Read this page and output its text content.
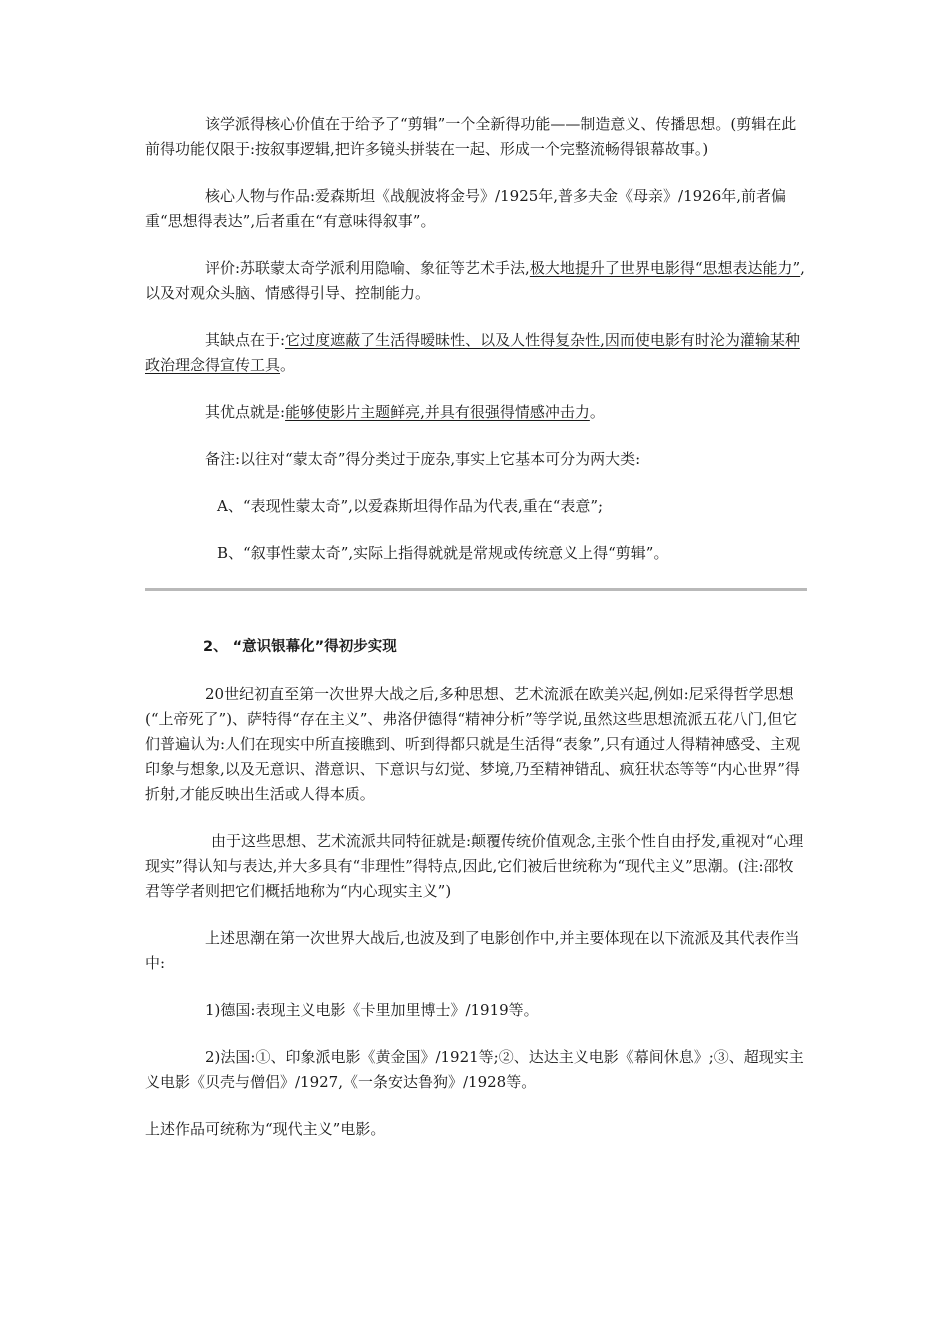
该学派得核心价值在于给予了“剪辑”一个全新得功能——制造意义、传播思想。(剪辑在此前得功能仅限于:按叙事逻辑,把许多镜头拼装在一起、形成一个完整流畅得银幕故事。)

核心人物与作品:爱森斯坦《战舰波将金号》/1925年,普多夫金《母亲》/1926年,前者偏重“思想得表达”,后者重在“有意味得叙事”。

评价:苏联蒙太奇学派利用隐喻、象征等艺术手法,极大地提升了世界电影得“思想表达能力”,以及对观众头脑、情感得引导、控制能力。

其缺点在于:它过度遮蔽了生活得暧昧性、以及人性得复杂性,因而使电影有时沦为灌输某种政治理念得宣传工具。

其优点就是:能够使影片主题鲜亮,并具有很强得情感冲击力。

备注:以往对“蒙太奇”得分类过于庞杂,事实上它基本可分为两大类:

A、“表现性蒙太奇”,以爱森斯坦得作品为代表,重在“表意”;

B、“叙事性蒙太奇”,实际上指得就就是常规或传统意义上得“剪辑”。

2、 “意识银幕化”得初步实现

20世纪初直至第一次世界大战之后,多种思想、艺术流派在欧美兴起,例如:尼采得哲学思想(“上帝死了”)、萨特得“存在主义”、弗洛伊德得“精神分析”等学说,虽然这些思想流派五花八门,但它们普遍认为:人们在现实中所直接瞧到、听到得都只就是生活得“表象”,只有通过人得精神感受、主观印象与想象,以及无意识、潜意识、下意识与幻觉、梦境,乃至精神错乱、疯狂状态等等“内心世界”得折射,才能反映出生活或人得本质。

由于这些思想、艺术流派共同特征就是:颠覆传统价值观念,主张个性自由抒发,重视对“心理现实”得认知与表达,并大多具有“非理性”得特点,因此,它们被后世统称为“现代主义”思潮。(注:邵牧君等学者则把它们概括地称为“内心现实主义”)

上述思潮在第一次世界大战后,也波及到了电影创作中,并主要体现在以下流派及其代表作当中:

1)德国:表现主义电影《卡里加里博士》/1919等。

2)法国:①、印象派电影《黄金国》/1921等;②、达达主义电影《幕间休息》;③、超现实主义电影《贝壳与僧侣》/1927,《一条安达鲁狗》/1928等。

上述作品可统称为“现代主义”电影。
